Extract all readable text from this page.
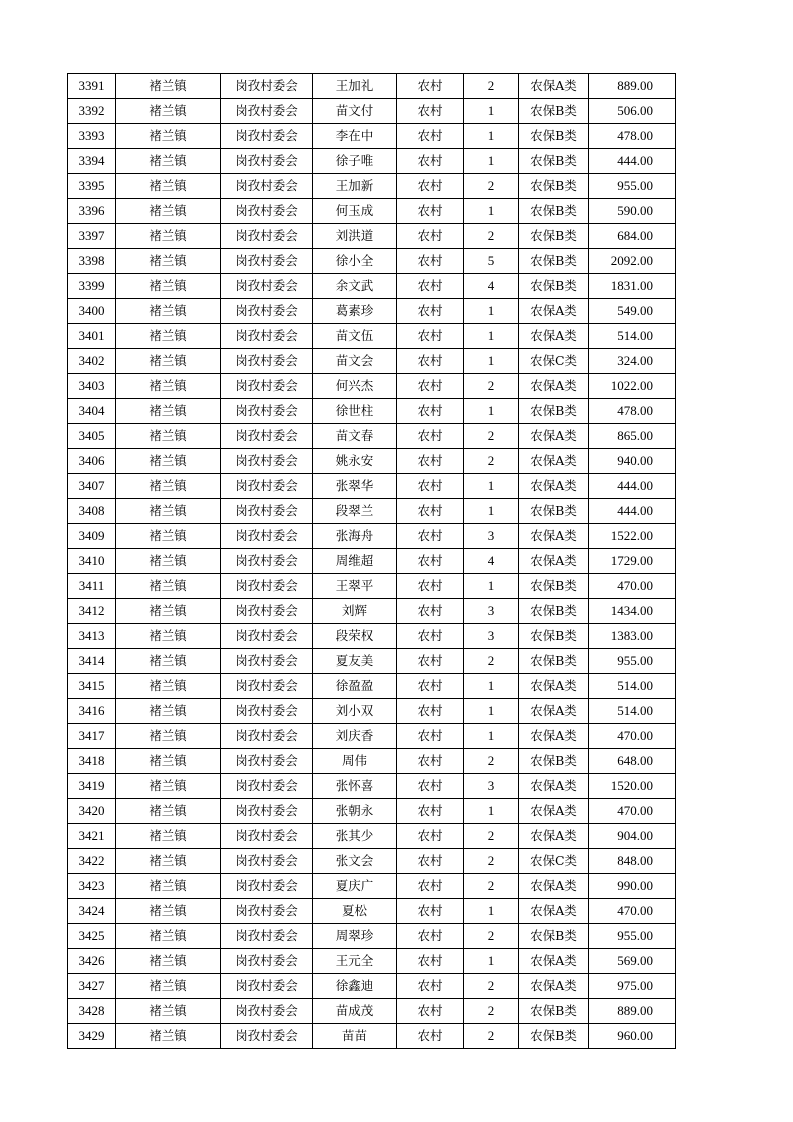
3391	褚兰镇	岗孜村委会	王加礼	农村	2	农保A类	889.00
3392	褚兰镇	岗孜村委会	苗文付	农村	1	农保B类	506.00
3393	褚兰镇	岗孜村委会	李在中	农村	1	农保B类	478.00
3394	褚兰镇	岗孜村委会	徐子唯	农村	1	农保B类	444.00
3395	褚兰镇	岗孜村委会	王加新	农村	2	农保B类	955.00
3396	褚兰镇	岗孜村委会	何玉成	农村	1	农保B类	590.00
3397	褚兰镇	岗孜村委会	刘洪道	农村	2	农保B类	684.00
3398	褚兰镇	岗孜村委会	徐小全	农村	5	农保B类	2092.00
3399	褚兰镇	岗孜村委会	余文武	农村	4	农保B类	1831.00
3400	褚兰镇	岗孜村委会	葛素珍	农村	1	农保A类	549.00
3401	褚兰镇	岗孜村委会	苗文伍	农村	1	农保A类	514.00
3402	褚兰镇	岗孜村委会	苗文会	农村	1	农保C类	324.00
3403	褚兰镇	岗孜村委会	何兴杰	农村	2	农保A类	1022.00
3404	褚兰镇	岗孜村委会	徐世柱	农村	1	农保B类	478.00
3405	褚兰镇	岗孜村委会	苗文春	农村	2	农保A类	865.00
3406	褚兰镇	岗孜村委会	姚永安	农村	2	农保A类	940.00
3407	褚兰镇	岗孜村委会	张翠华	农村	1	农保A类	444.00
3408	褚兰镇	岗孜村委会	段翠兰	农村	1	农保B类	444.00
3409	褚兰镇	岗孜村委会	张海舟	农村	3	农保A类	1522.00
3410	褚兰镇	岗孜村委会	周维超	农村	4	农保A类	1729.00
3411	褚兰镇	岗孜村委会	王翠平	农村	1	农保B类	470.00
3412	褚兰镇	岗孜村委会	刘辉	农村	3	农保B类	1434.00
3413	褚兰镇	岗孜村委会	段荣权	农村	3	农保B类	1383.00
3414	褚兰镇	岗孜村委会	夏友美	农村	2	农保B类	955.00
3415	褚兰镇	岗孜村委会	徐盈盈	农村	1	农保A类	514.00
3416	褚兰镇	岗孜村委会	刘小双	农村	1	农保A类	514.00
3417	褚兰镇	岗孜村委会	刘庆香	农村	1	农保A类	470.00
3418	褚兰镇	岗孜村委会	周伟	农村	2	农保B类	648.00
3419	褚兰镇	岗孜村委会	张怀喜	农村	3	农保A类	1520.00
3420	褚兰镇	岗孜村委会	张朝永	农村	1	农保A类	470.00
3421	褚兰镇	岗孜村委会	张其少	农村	2	农保A类	904.00
3422	褚兰镇	岗孜村委会	张文会	农村	2	农保C类	848.00
3423	褚兰镇	岗孜村委会	夏庆广	农村	2	农保A类	990.00
3424	褚兰镇	岗孜村委会	夏松	农村	1	农保A类	470.00
3425	褚兰镇	岗孜村委会	周翠珍	农村	2	农保B类	955.00
3426	褚兰镇	岗孜村委会	王元全	农村	1	农保A类	569.00
3427	褚兰镇	岗孜村委会	徐鑫迪	农村	2	农保A类	975.00
3428	褚兰镇	岗孜村委会	苗成茂	农村	2	农保B类	889.00
3429	褚兰镇	岗孜村委会	苗苗	农村	2	农保B类	960.00
